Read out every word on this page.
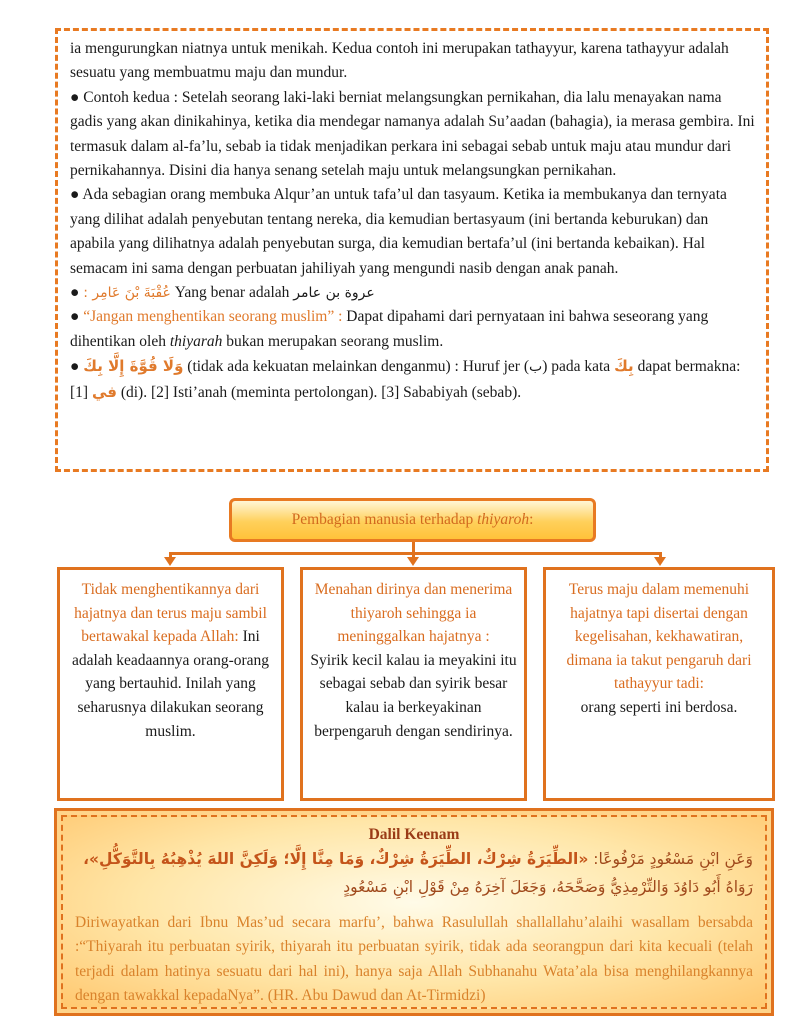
ia mengurungkan niatnya untuk menikah. Kedua contoh ini merupakan tathayyur, karena tathayyur adalah sesuatu yang membuatmu maju dan mundur.

● Contoh kedua : Setelah seorang laki-laki berniat melangsungkan pernikahan, dia lalu menayakan nama gadis yang akan dinikahinya, ketika dia mendegar namanya adalah Su’aadan (bahagia), ia merasa gembira. Ini termasuk dalam al-fa’lu, sebab ia tidak menjadikan perkara ini sebagai sebab untuk maju atau mundur dari pernikahannya. Disini dia hanya senang setelah maju untuk melangsungkan pernikahan.

● Ada sebagian orang membuka Alqur’an untuk tafa’ul dan tasyaum. Ketika ia membukanya dan ternyata yang dilihat adalah penyebutan tentang nereka, dia kemudian bertasyaum (ini bertanda keburukan) dan apabila yang dilihatnya adalah penyebutan surga, dia kemudian bertafa’ul (ini bertanda kebaikan). Hal semacam ini sama dengan perbuatan jahiliyah yang mengundi nasib dengan anak panah.

● عُقْبَةَ بْنَ عَامِر : Yang benar adalah عروة بن عامر

● “Jangan menghentikan seorang muslim” : Dapat dipahami dari pernyataan ini bahwa seseorang yang dihentikan oleh thiyarah bukan merupakan seorang muslim.

● وَلَا قُوَّةَ إِلَّا بِكَ (tidak ada kekuatan melainkan denganmu) : Huruf jer (ب) pada kata بِكَ dapat bermakna: [1] في (di). [2] Isti’anah (meminta pertolongan). [3] Sababiyah (sebab).

Pembagian manusia terhadap
thiyaroh :
Tidak menghentikannya dari hajatnya dan terus maju sambil bertawakal kepada Allah: Ini adalah keadaannya orang-orang yang bertauhid. Inilah yang seharusnya dilakukan seorang muslim.
Menahan dirinya dan menerima thiyaroh sehingga ia meninggalkan hajatnya :
Syirik kecil kalau ia meyakini itu sebagai sebab dan syirik besar kalau ia berkeyakinan berpengaruh dengan sendirinya.
Terus maju dalam memenuhi hajatnya tapi disertai dengan kegelisahan, kekhawatiran, dimana ia takut pengaruh dari tathayyur tadi:
orang seperti ini berdosa.
Dalil Keenam
وَعَنِ ابْنِ مَسْعُودٍ مَرْفُوعًا: «الطِّيَرَةُ شِرْكٌ، الطِّيَرَةُ شِرْكٌ، وَمَا مِنَّا إِلَّا؛ وَلَكِنَّ اللهَ يُذْهِبُهُ بِالتَّوَكُّلِ»،
رَوَاهُ أَبُو دَاوُدَ وَالتِّرْمِذِيُّ وَصَحَّحَهُ، وَجَعَلَ آخِرَهُ مِنْ قَوْلِ ابْنِ مَسْعُودٍ
Diriwayatkan dari Ibnu Mas’ud secara marfu’, bahwa Rasulullah shallallahu’alaihi wasallam bersabda :“Thiyarah itu perbuatan syirik, thiyarah itu perbuatan syirik, tidak ada seorangpun dari kita kecuali (telah terjadi dalam hatinya sesuatu dari hal ini), hanya saja Allah Subhanahu Wata’ala bisa menghilangkannya dengan tawakkal kepadaNya”. (HR. Abu Dawud dan At-Tirmidzi)
